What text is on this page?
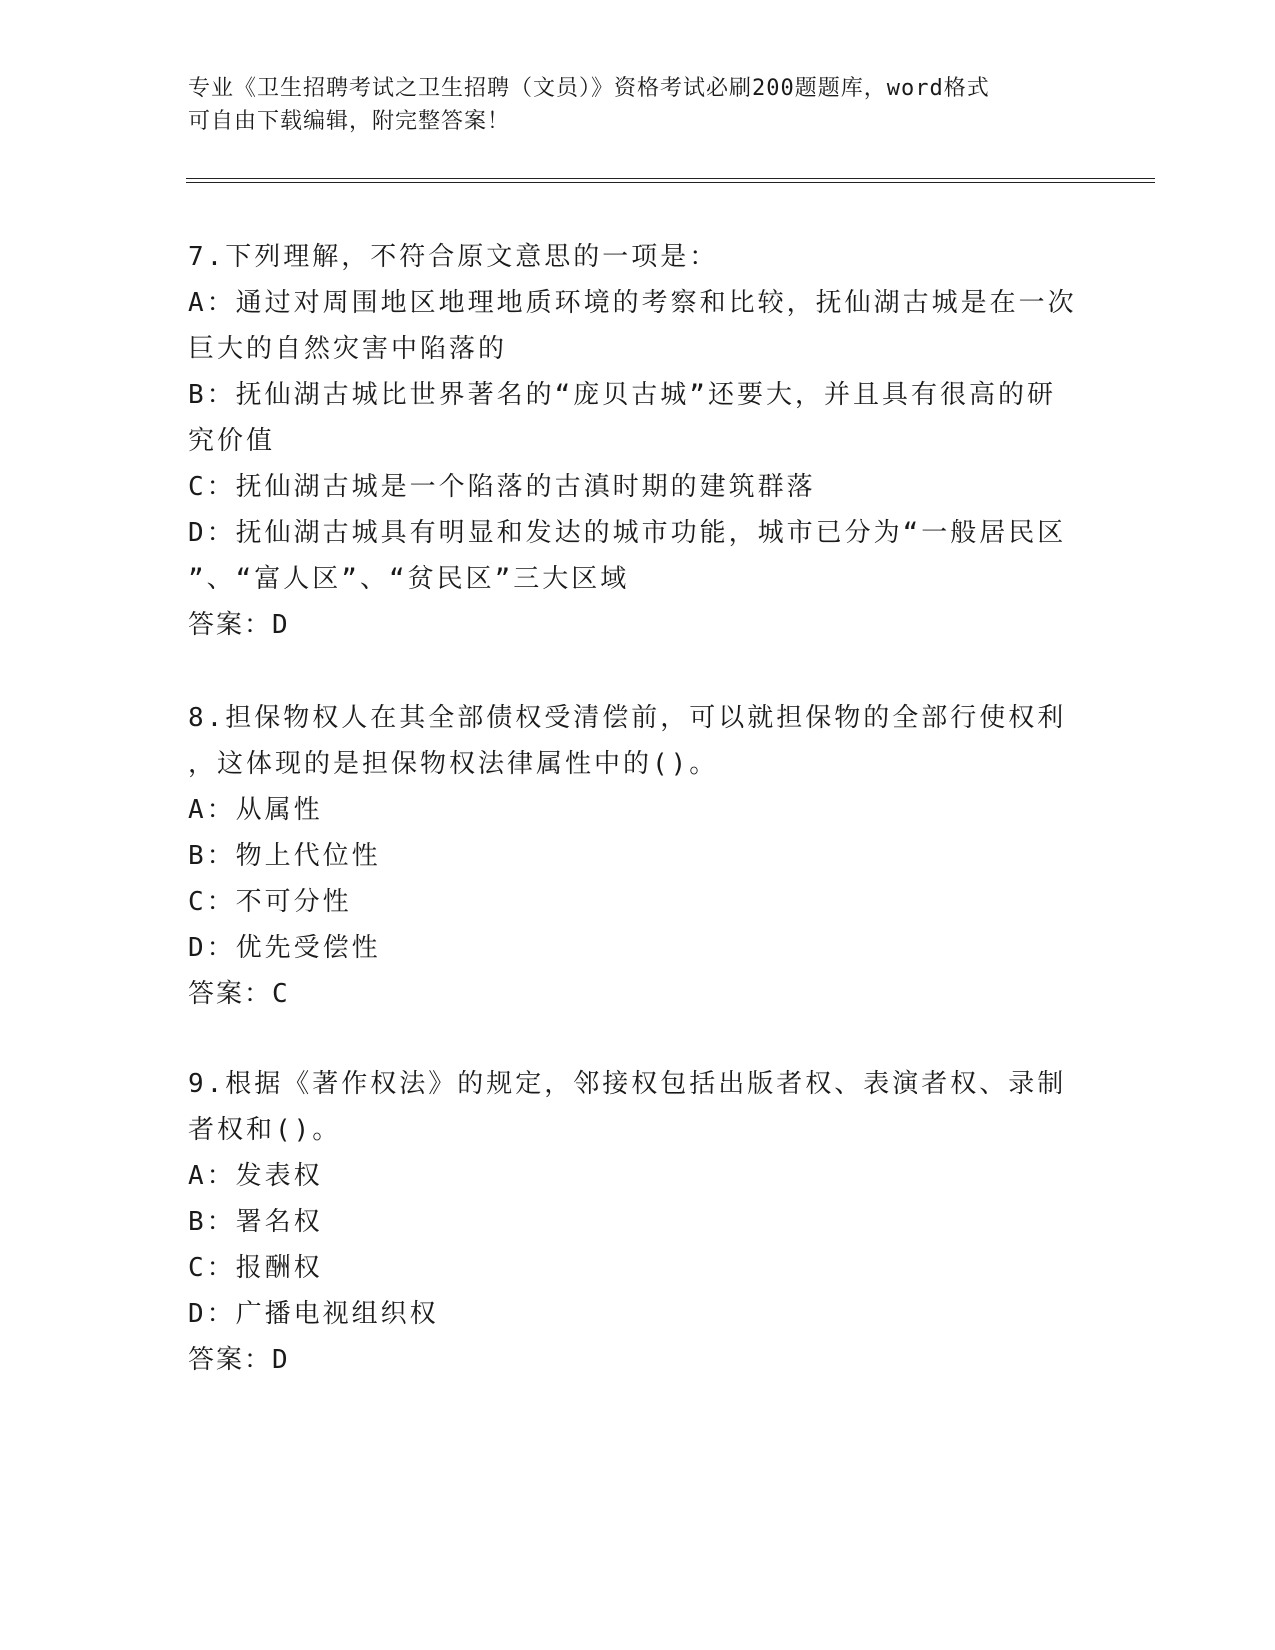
专业《卫生招聘考试之卫生招聘（文员）》资格考试必刷200题题库，word格式
可自由下载编辑，附完整答案！
7.下列理解，不符合原文意思的一项是：
A：通过对周围地区地理地质环境的考察和比较，抚仙湖古城是在一次
巨大的自然灾害中陷落的
B：抚仙湖古城比世界著名的“庞贝古城”还要大，并且具有很高的研
究价值
C：抚仙湖古城是一个陷落的古滇时期的建筑群落
D：抚仙湖古城具有明显和发达的城市功能，城市已分为“一般居民区
”、“富人区”、“贫民区”三大区域
答案：D
8.担保物权人在其全部债权受清偿前，可以就担保物的全部行使权利
，这体现的是担保物权法律属性中的()。
A：从属性
B：物上代位性
C：不可分性
D：优先受偿性
答案：C
9.根据《著作权法》的规定，邻接权包括出版者权、表演者权、录制
者权和()。
A：发表权
B：署名权
C：报酬权
D：广播电视组织权
答案：D
